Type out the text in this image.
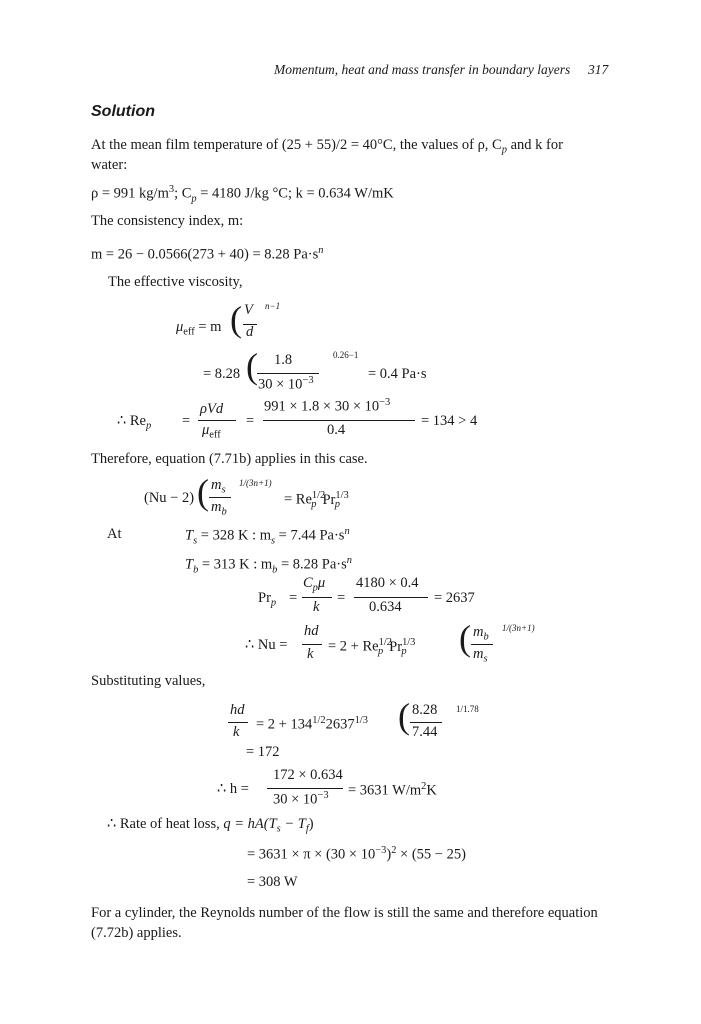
Momentum, heat and mass transfer in boundary layers 317
Solution
At the mean film temperature of (25 + 55)/2 = 40°C, the values of ρ, $C_p$ and k for
water:
ρ = 991 $kg/m^3$; $C_p = 4180$ J/kg °C; k = 0.634 W/mK
The consistency index, m:
m = 26 − 0.0566(273 + 40) = 8.28 $Pa\cdot s^n$
The effective viscosity,
$\mu_{eff} = m$ ( V
d
n−1
= 8.28 ( 1.8
$30 \times 10^{-3}$
0.26−1
= 0.4 Pa·s
∴ $Re_p$ =
ρVd
$\mu_{eff}$
=
$991 \times 1.8 \times 30 \times 10^{-3}$
0.4
= 134 > 4
Therefore, equation (7.71b) applies in this case.
(Nu − 2) ( $m_s$
$m_b$
1/(3n+1)
= $Re^{1/2}_p$ $Pr^{1/3}_p$
At	$T_s = 328$ K : $m_s = 7.44$ $Pa\cdot s^n$
$T_b = 313$ K : $m_b = 8.28$ $Pa\cdot s^n$
$Pr_p$ =
$C_p\mu$
k
=
4180 × 0.4
0.634
= 2637
∴ Nu =
hd
$k = 2 + Re^{1/2}_p$ $Pr^{1/3}_p$ ( $m_b$
$m_s$
1/(3n+1)
Substituting values,
hd
$k = 2 + 134^{1/2}2637^{1/3}$ ( 8.28
7.44
1/1.78
= 172
∴ h =
172 × 0.634
$30 \times 10^{-3} = 3631$ $W/m^2K$
∴ Rate of heat loss, $q = hA(T_s - T_f)$
= $3631 \times \pi \times (30 \times 10^{-3})^2 \times (55 - 25)$
= 308 W
For a cylinder, the Reynolds number of the flow is still the same and therefore equation
(7.72b) applies.
